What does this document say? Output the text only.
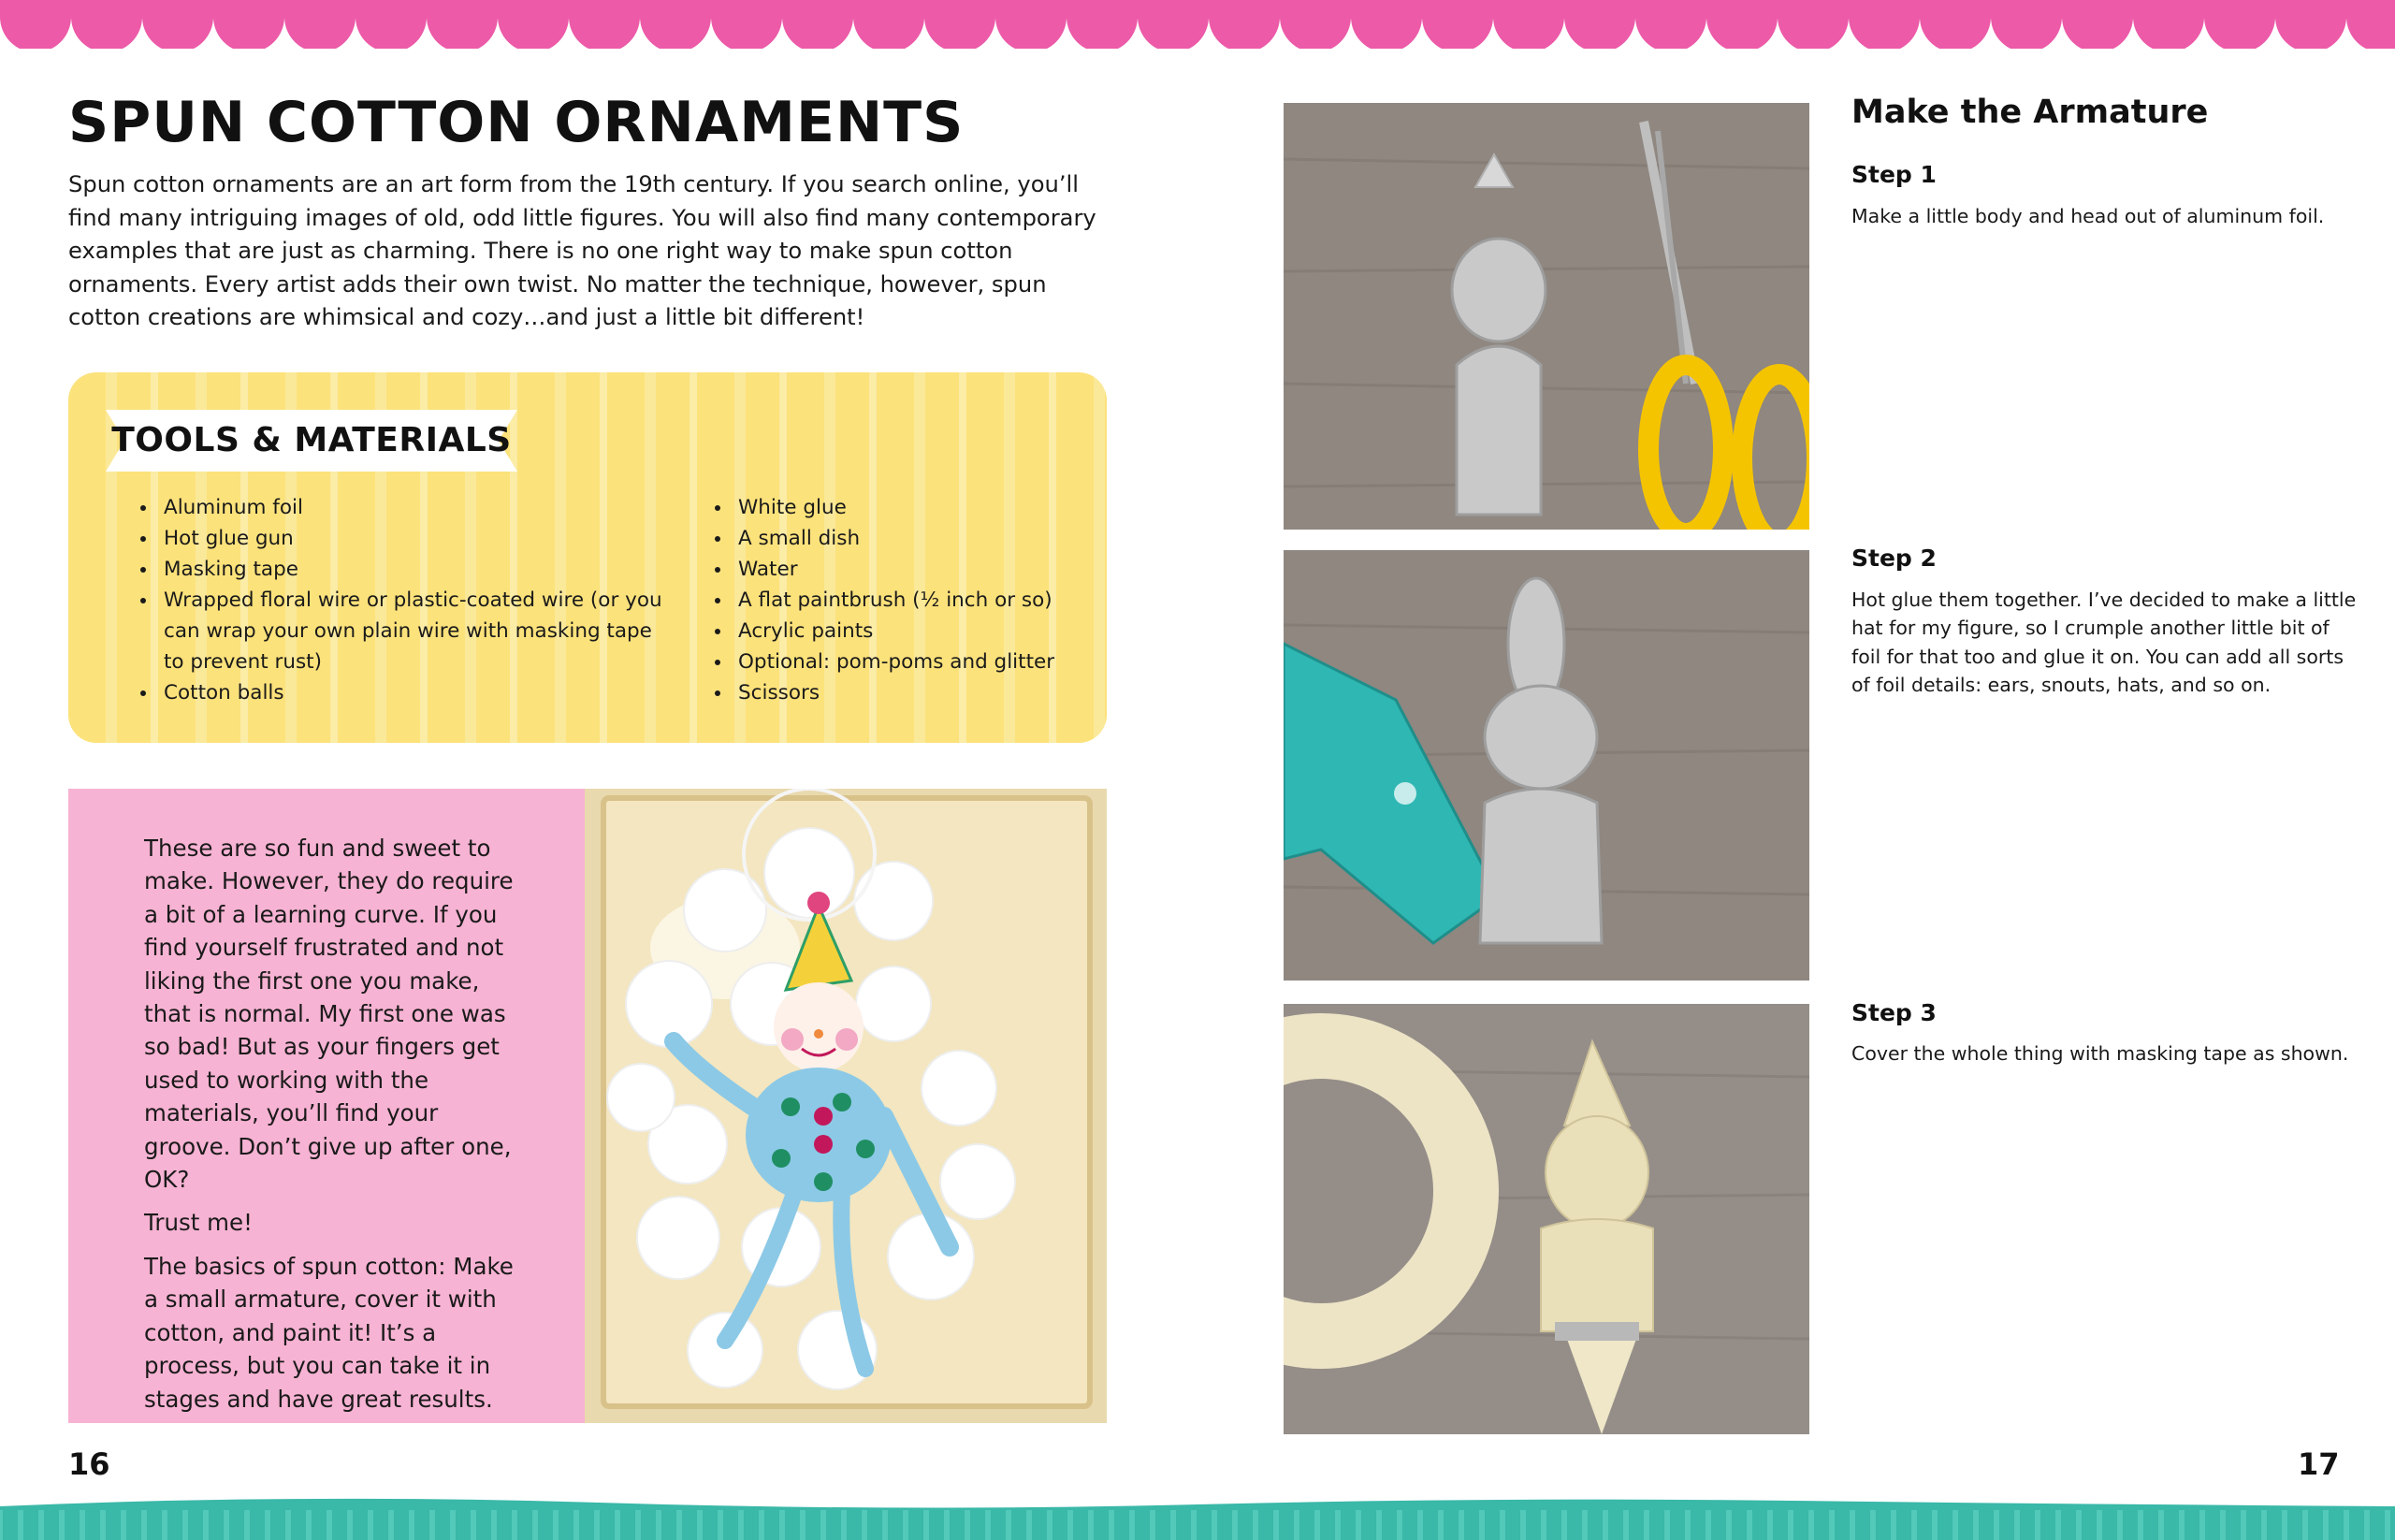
SPUN COTTON ORNAMENTS

Spun cotton ornaments are an art form from the 19th century. If you search online, you’ll find many intriguing images of old, odd little figures. You will also find many contemporary examples that are just as charming. There is no one right way to make spun cotton ornaments. Every artist adds their own twist. No matter the technique, however, spun cotton creations are whimsical and cozy…and just a little bit different!

TOOLS & MATERIALS
• Aluminum foil
• Hot glue gun
• Masking tape
• Wrapped floral wire or plastic-coated wire (or you can wrap your own plain wire with masking tape to prevent rust)
• Cotton balls
• White glue
• A small dish
• Water
• A flat paintbrush (½ inch or so)
• Acrylic paints
• Optional: pom-poms and glitter
• Scissors

These are so fun and sweet to make. However, they do require a bit of a learning curve. If you find yourself frustrated and not liking the first one you make, that is normal. My first one was so bad! But as your fingers get used to working with the materials, you’ll find your groove. Don’t give up after one, OK?

Trust me!

The basics of spun cotton: Make a small armature, cover it with cotton, and paint it! It’s a process, but you can take it in stages and have great results.

16
Make the Armature
Step 1

Make a little body and head out of aluminum foil.

Step 2

Hot glue them together. I’ve decided to make a little hat for my figure, so I crumple another little bit of foil for that too and glue it on. You can add all sorts of foil details: ears, snouts, hats, and so on.

Step 3

Cover the whole thing with masking tape as shown.

17
